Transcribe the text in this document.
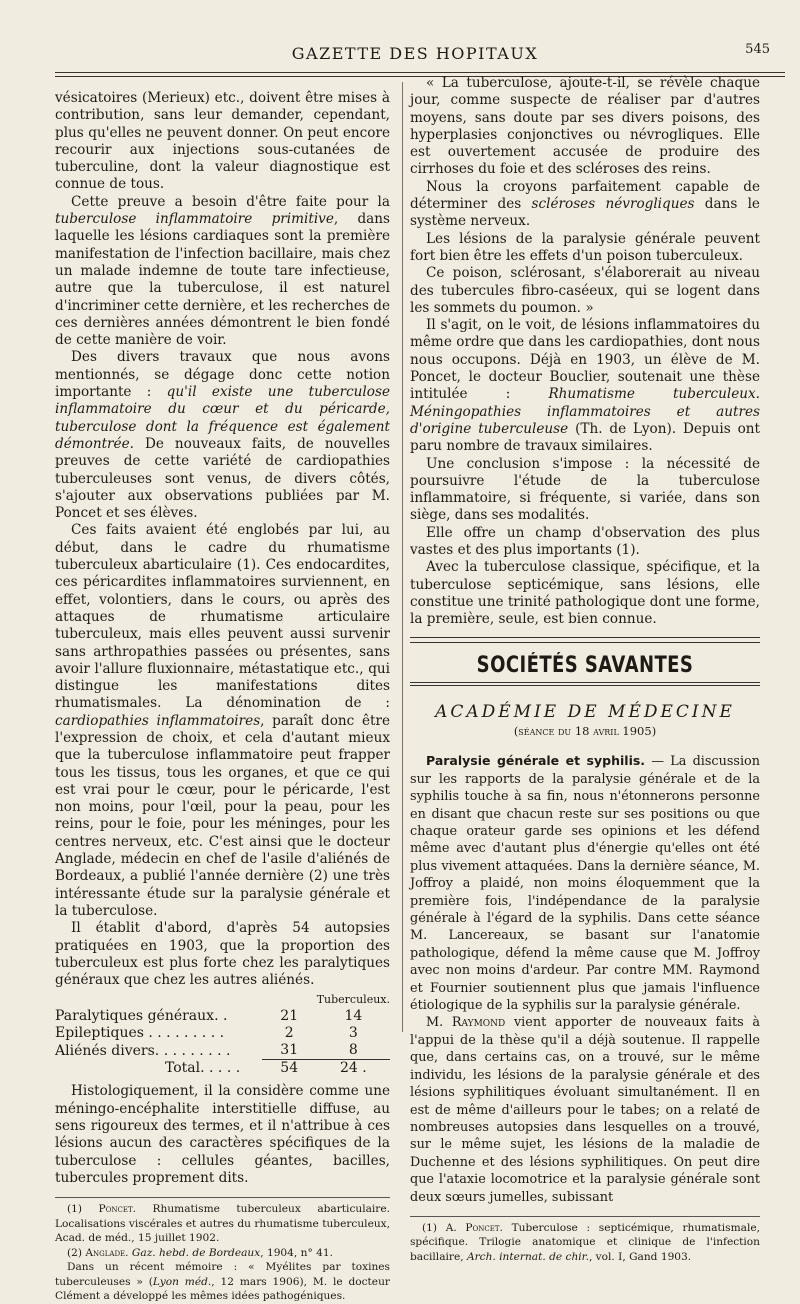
GAZETTE DES HOPITAUX	545

vésicatoires (Merieux) etc., doivent être mises à contribution, sans leur demander, cependant, plus qu'elles ne peuvent donner. On peut encore recourir aux injections sous-cutanées de tuberculine, dont la valeur diagnostique est connue de tous.

Cette preuve a besoin d'être faite pour la tuberculose inflammatoire primitive, dans laquelle les lésions cardiaques sont la première manifestation de l'infection bacillaire, mais chez un malade indemne de toute tare infectieuse, autre que la tuberculose, il est naturel d'incriminer cette dernière, et les recherches de ces dernières années démontrent le bien fondé de cette manière de voir.

Des divers travaux que nous avons mentionnés, se dégage donc cette notion importante : qu'il existe une tuberculose inflammatoire du cœur et du péricarde, tuberculose dont la fréquence est également démontrée. De nouveaux faits, de nouvelles preuves de cette variété de cardiopathies tuberculeuses sont venus, de divers côtés, s'ajouter aux observations publiées par M. Poncet et ses élèves.

Ces faits avaient été englobés par lui, au début, dans le cadre du rhumatisme tuberculeux abarticulaire (1). Ces endocardites, ces péricardites inflammatoires surviennent, en effet, volontiers, dans le cours, ou après des attaques de rhumatisme articulaire tuberculeux, mais elles peuvent aussi survenir sans arthropathies passées ou présentes, sans avoir l'allure fluxionnaire, métastatique etc., qui distingue les manifestations dites rhumatismales. La dénomination de : cardiopathies inflammatoires, paraît donc être l'expression de choix, et cela d'autant mieux que la tuberculose inflammatoire peut frapper tous les tissus, tous les organes, et que ce qui est vrai pour le cœur, pour le péricarde, l'est non moins, pour l'œil, pour la peau, pour les reins, pour le foie, pour les méninges, pour les centres nerveux, etc. C'est ainsi que le docteur Anglade, médecin en chef de l'asile d'aliénés de Bordeaux, a publié l'année dernière (2) une très intéressante étude sur la paralysie générale et la tuberculose.

Il établit d'abord, d'après 54 autopsies pratiquées en 1903, que la proportion des tuberculeux est plus forte chez les paralytiques généraux que chez les autres aliénés.

		Tuberculeux.
Paralytiques généraux. .	21	14
Epileptiques . . . . . . . . .	2	3
Aliénés divers. . . . . . . . .	31	8
Total. . . . .	54	24 .

Histologiquement, il la considère comme une méningo-encéphalite interstitielle diffuse, au sens rigoureux des termes, et il n'attribue à ces lésions aucun des caractères spécifiques de la tuberculose : cellules géantes, bacilles, tubercules proprement dits.

(1) Poncet. Rhumatisme tuberculeux abarticulaire. Localisations viscérales et autres du rhumatisme tuberculeux, Acad. de méd., 15 juillet 1902.

(2) Anglade. Gaz. hebd. de Bordeaux, 1904, n° 41.

Dans un récent mémoire : « Myélites par toxines tuberculeuses » (Lyon méd., 12 mars 1906), M. le docteur Clément a développé les mêmes idées pathogéniques.

« La tuberculose, ajoute-t-il, se révèle chaque jour, comme suspecte de réaliser par d'autres moyens, sans doute par ses divers poisons, des hyperplasies conjonctives ou névrogliques. Elle est ouvertement accusée de produire des cirrhoses du foie et des scléroses des reins.

Nous la croyons parfaitement capable de déterminer des scléroses névrogliques dans le système nerveux.

Les lésions de la paralysie générale peuvent fort bien être les effets d'un poison tuberculeux.

Ce poison, sclérosant, s'élaborerait au niveau des tubercules fibro-caséeux, qui se logent dans les sommets du poumon. »

Il s'agit, on le voit, de lésions inflammatoires du même ordre que dans les cardiopathies, dont nous nous occupons. Déjà en 1903, un élève de M. Poncet, le docteur Bouclier, soutenait une thèse intitulée : Rhumatisme tuberculeux. Méningopathies inflammatoires et autres d'origine tuberculeuse (Th. de Lyon). Depuis ont paru nombre de travaux similaires.

Une conclusion s'impose : la nécessité de poursuivre l'étude de la tuberculose inflammatoire, si fréquente, si variée, dans son siège, dans ses modalités.

Elle offre un champ d'observation des plus vastes et des plus importants (1).

Avec la tuberculose classique, spécifique, et la tuberculose septicémique, sans lésions, elle constitue une trinité pathologique dont une forme, la première, seule, est bien connue.

SOCIÉTÉS SAVANTES
ACADÉMIE DE MÉDECINE
(séance du 18 avril 1905)

Paralysie générale et syphilis. — La discussion sur les rapports de la paralysie générale et de la syphilis touche à sa fin, nous n'étonnerons personne en disant que chacun reste sur ses positions ou que chaque orateur garde ses opinions et les défend même avec d'autant plus d'énergie qu'elles ont été plus vivement attaquées. Dans la dernière séance, M. Joffroy a plaidé, non moins éloquemment que la première fois, l'indépendance de la paralysie générale à l'égard de la syphilis. Dans cette séance M. Lancereaux, se basant sur l'anatomie pathologique, défend la même cause que M. Joffroy avec non moins d'ardeur. Par contre MM. Raymond et Fournier soutiennent plus que jamais l'influence étiologique de la syphilis sur la paralysie générale.

M. Raymond vient apporter de nouveaux faits à l'appui de la thèse qu'il a déjà soutenue. Il rappelle que, dans certains cas, on a trouvé, sur le même individu, les lésions de la paralysie générale et des lésions syphilitiques évoluant simultanément. Il en est de même d'ailleurs pour le tabes; on a relaté de nombreuses autopsies dans lesquelles on a trouvé, sur le même sujet, les lésions de la maladie de Duchenne et des lésions syphilitiques. On peut dire que l'ataxie locomotrice et la paralysie générale sont deux sœurs jumelles, subissant

(1) A. Poncet. Tuberculose : septicémique, rhumatismale, spécifique. Trilogie anatomique et clinique de l'infection bacillaire, Arch. internat. de chir., vol. I, Gand 1903.
